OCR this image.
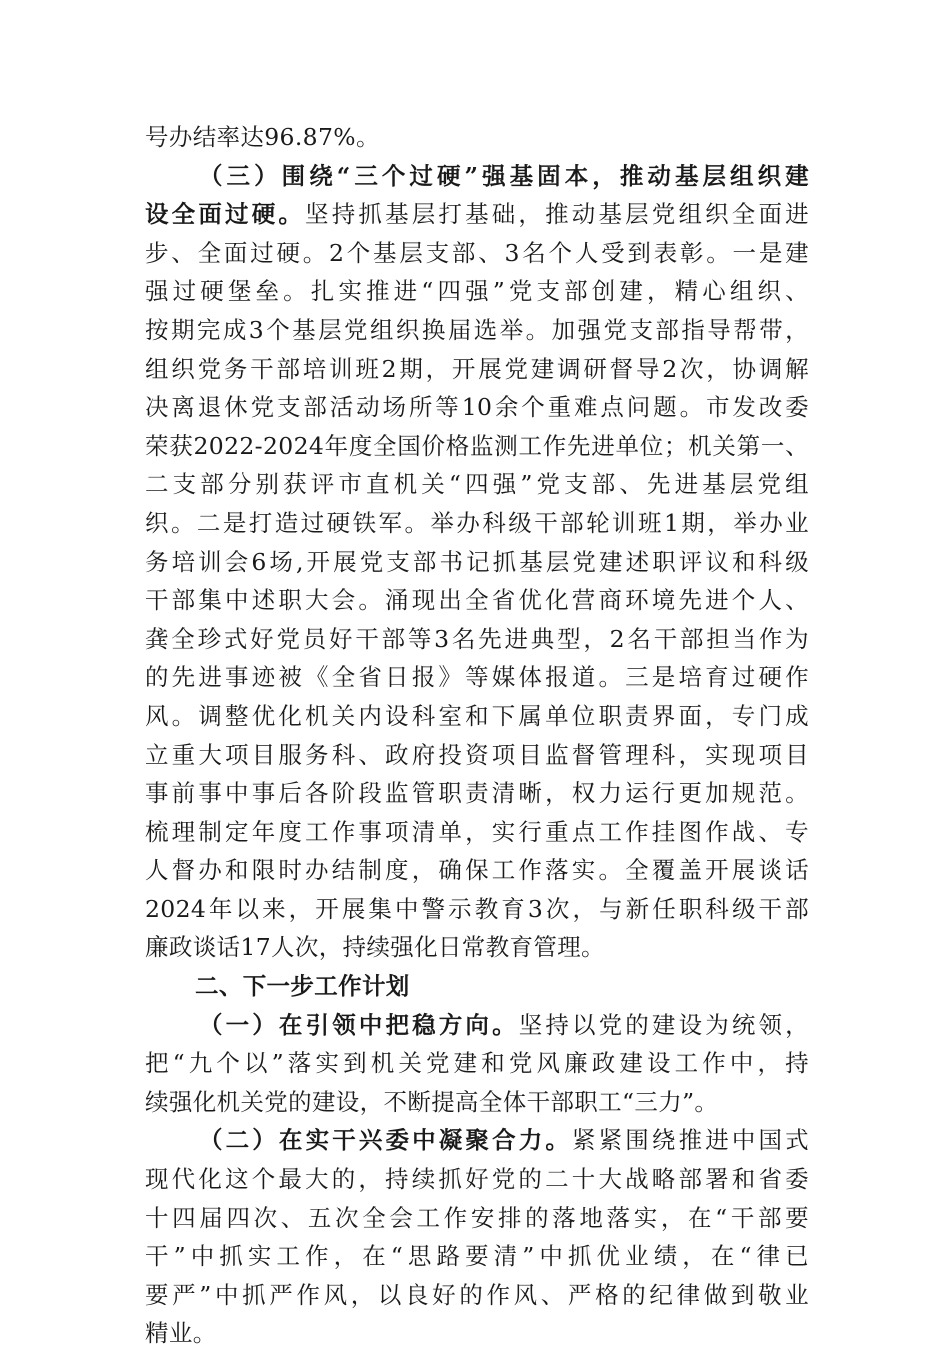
号办结率达96.87%。
（三）围绕“三个过硬”强基固本，推动基层组织建
设全面过硬。坚持抓基层打基础，推动基层党组织全面进
步、全面过硬。2个基层支部、3名个人受到表彰。一是建
强过硬堡垒。扎实推进“四强”党支部创建，精心组织、
按期完成3个基层党组织换届选举。加强党支部指导帮带，
组织党务干部培训班2期，开展党建调研督导2次，协调解
决离退休党支部活动场所等10余个重难点问题。市发改委
荣获2022-2024年度全国价格监测工作先进单位；机关第一、
二支部分别获评市直机关“四强”党支部、先进基层党组
织。二是打造过硬铁军。举办科级干部轮训班1期，举办业
务培训会6场,开展党支部书记抓基层党建述职评议和科级
干部集中述职大会。涌现出全省优化营商环境先进个人、
龚全珍式好党员好干部等3名先进典型，2名干部担当作为
的先进事迹被《全省日报》等媒体报道。三是培育过硬作
风。调整优化机关内设科室和下属单位职责界面，专门成
立重大项目服务科、政府投资项目监督管理科，实现项目
事前事中事后各阶段监管职责清晰，权力运行更加规范。
梳理制定年度工作事项清单，实行重点工作挂图作战、专
人督办和限时办结制度，确保工作落实。全覆盖开展谈话
2024年以来，开展集中警示教育3次，与新任职科级干部
廉政谈话17人次，持续强化日常教育管理。
二、下一步工作计划
（一）在引领中把稳方向。坚持以党的建设为统领，
把“九个以”落实到机关党建和党风廉政建设工作中，持
续强化机关党的建设，不断提高全体干部职工“三力”。
（二）在实干兴委中凝聚合力。紧紧围绕推进中国式
现代化这个最大的，持续抓好党的二十大战略部署和省委
十四届四次、五次全会工作安排的落地落实，在“干部要
干”中抓实工作，在“思路要清”中抓优业绩，在“律已
要严”中抓严作风，以良好的作风、严格的纪律做到敬业
精业。
